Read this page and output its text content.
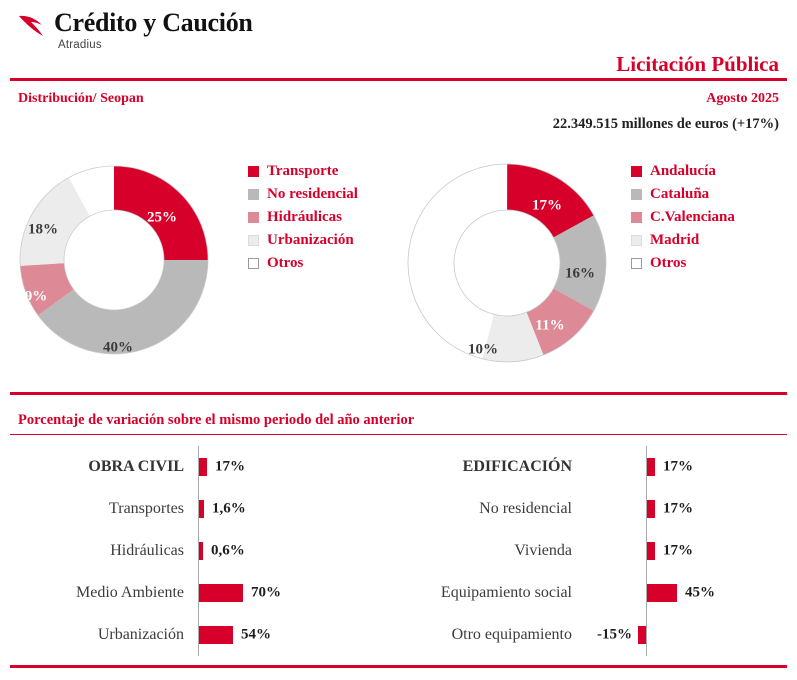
Crédito y Caución
Atradius
Licitación Pública
Distribución/ Seopan	Agosto 2025
22.349.515 millones de euros (+17%)
25%
40%
9%
18%
Transporte
No residencial
Hidráulicas
Urbanización
Otros
17%
16%
11%
10%
Andalucía
Cataluña
C.Valenciana
Madrid
Otros
Porcentaje de variación sobre el mismo periodo del año anterior
OBRA CIVIL	17%
Transportes	1,6%
Hidráulicas	0,6%
Medio Ambiente	70%
Urbanización	54%
EDIFICACIÓN	17%
No residencial	17%
Vivienda	17%
Equipamiento social	45%
Otro equipamiento	-15%
